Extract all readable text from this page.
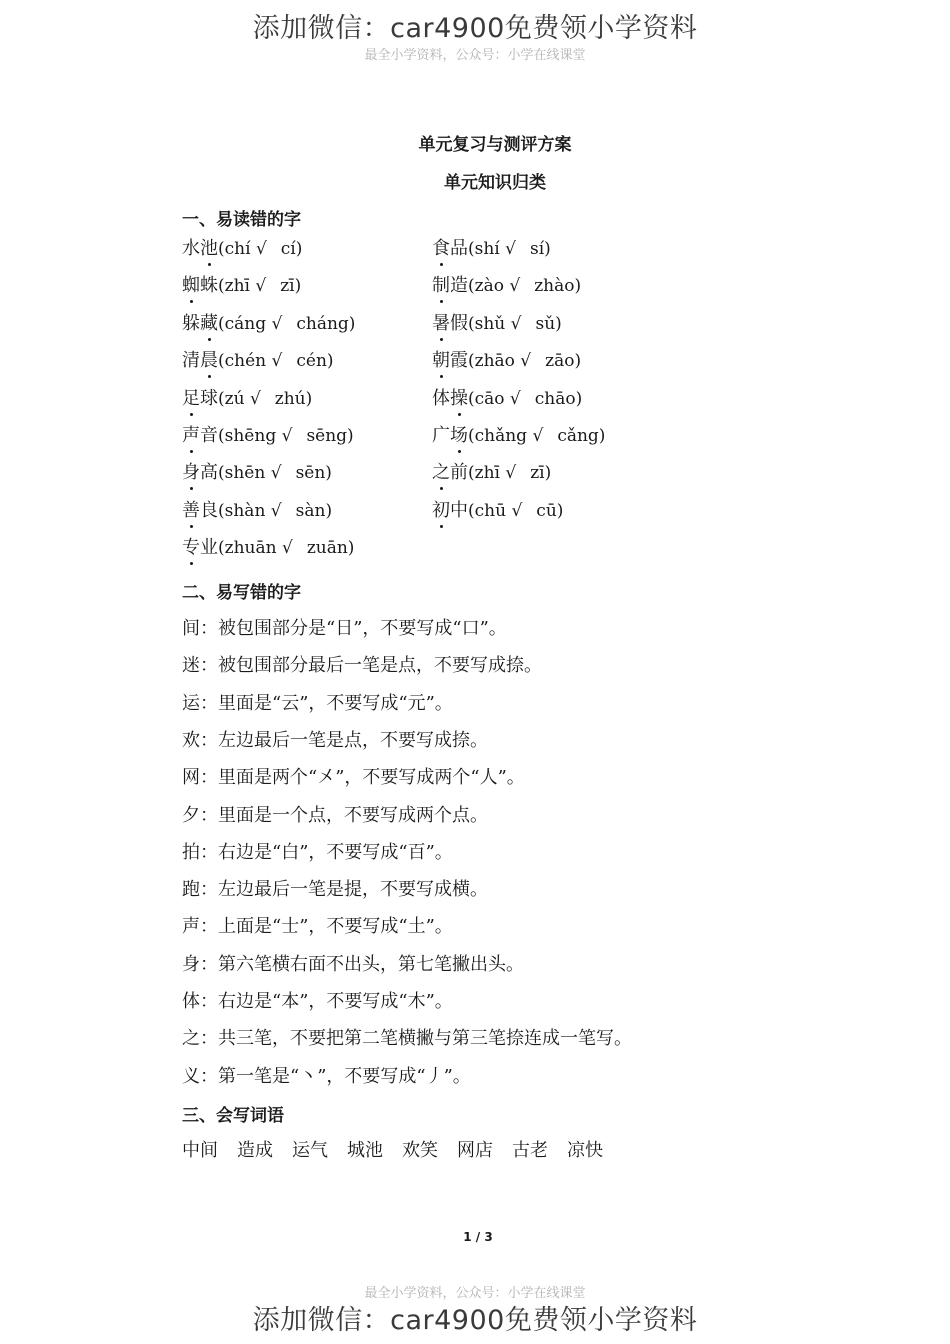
添加微信：car4900免费领小学资料
最全小学资料，公众号：小学在线课堂
单元复习与测评方案
单元知识归类
一、易读错的字
水池(chí √ cí)	食品(shí √ sí)
蜘蛛(zhī √ zī)	制造(zào √ zhào)
躲藏(cáng √ cháng)	暑假(shǔ √ sǔ)
清晨(chén √ cén)	朝霞(zhāo √ zāo)
足球(zú √ zhú)	体操(cāo √ chāo)
声音(shēng √ sēng)	广场(chǎng √ cǎng)
身高(shēn √ sēn)	之前(zhī √ zī)
善良(shàn √ sàn)	初中(chū √ cū)
专业(zhuān √ zuān)
二、易写错的字
间：被包围部分是“日”，不要写成“口”。
迷：被包围部分最后一笔是点，不要写成捺。
运：里面是“云”，不要写成“元”。
欢：左边最后一笔是点，不要写成捺。
网：里面是两个“㐅”，不要写成两个“人”。
夕：里面是一个点，不要写成两个点。
拍：右边是“白”，不要写成“百”。
跑：左边最后一笔是提，不要写成横。
声：上面是“士”，不要写成“土”。
身：第六笔横右面不出头，第七笔撇出头。
体：右边是“本”，不要写成“木”。
之：共三笔，不要把第二笔横撇与第三笔捺连成一笔写。
义：第一笔是“丶”，不要写成“丿”。
三、会写词语
中间 造成 运气 城池 欢笑 网店 古老 凉快
1 / 3
最全小学资料，公众号：小学在线课堂
添加微信：car4900免费领小学资料
